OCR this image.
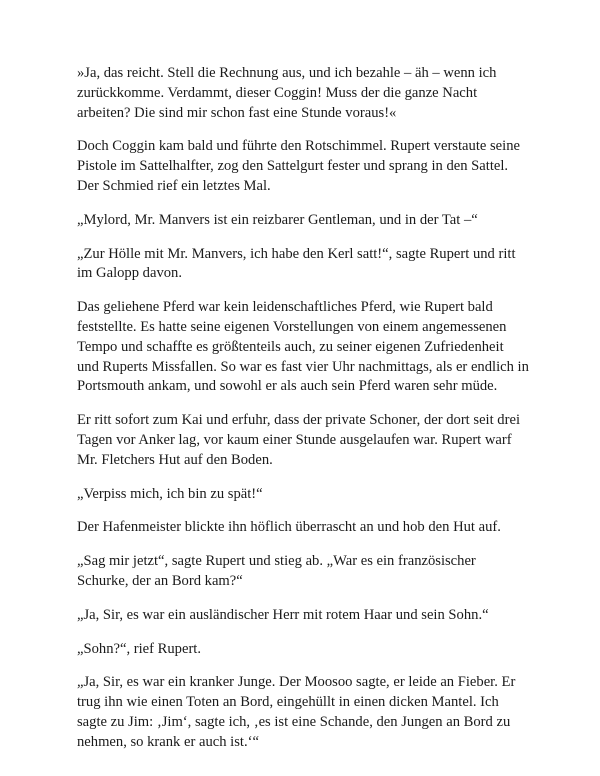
»Ja, das reicht. Stell die Rechnung aus, und ich bezahle – äh – wenn ich zurückkomme. Verdammt, dieser Coggin! Muss der die ganze Nacht arbeiten? Die sind mir schon fast eine Stunde voraus!«

Doch Coggin kam bald und führte den Rotschimmel. Rupert verstaute seine Pistole im Sattelhalfter, zog den Sattelgurt fester und sprang in den Sattel. Der Schmied rief ein letztes Mal.

„Mylord, Mr. Manvers ist ein reizbarer Gentleman, und in der Tat –“

„Zur Hölle mit Mr. Manvers, ich habe den Kerl satt!“, sagte Rupert und ritt im Galopp davon.

Das geliehene Pferd war kein leidenschaftliches Pferd, wie Rupert bald feststellte. Es hatte seine eigenen Vorstellungen von einem angemessenen Tempo und schaffte es größtenteils auch, zu seiner eigenen Zufriedenheit und Ruperts Missfallen. So war es fast vier Uhr nachmittags, als er endlich in Portsmouth ankam, und sowohl er als auch sein Pferd waren sehr müde.

Er ritt sofort zum Kai und erfuhr, dass der private Schoner, der dort seit drei Tagen vor Anker lag, vor kaum einer Stunde ausgelaufen war. Rupert warf Mr. Fletchers Hut auf den Boden.

„Verpiss mich, ich bin zu spät!“

Der Hafenmeister blickte ihn höflich überrascht an und hob den Hut auf.

„Sag mir jetzt“, sagte Rupert und stieg ab. „War es ein französischer Schurke, der an Bord kam?“

„Ja, Sir, es war ein ausländischer Herr mit rotem Haar und sein Sohn.“

„Sohn?“, rief Rupert.

„Ja, Sir, es war ein kranker Junge. Der Moosoo sagte, er leide an Fieber. Er trug ihn wie einen Toten an Bord, eingehüllt in einen dicken Mantel. Ich sagte zu Jim: ‚Jim‘, sagte ich, ‚es ist eine Schande, den Jungen an Bord zu nehmen, so krank er auch ist.‘“
